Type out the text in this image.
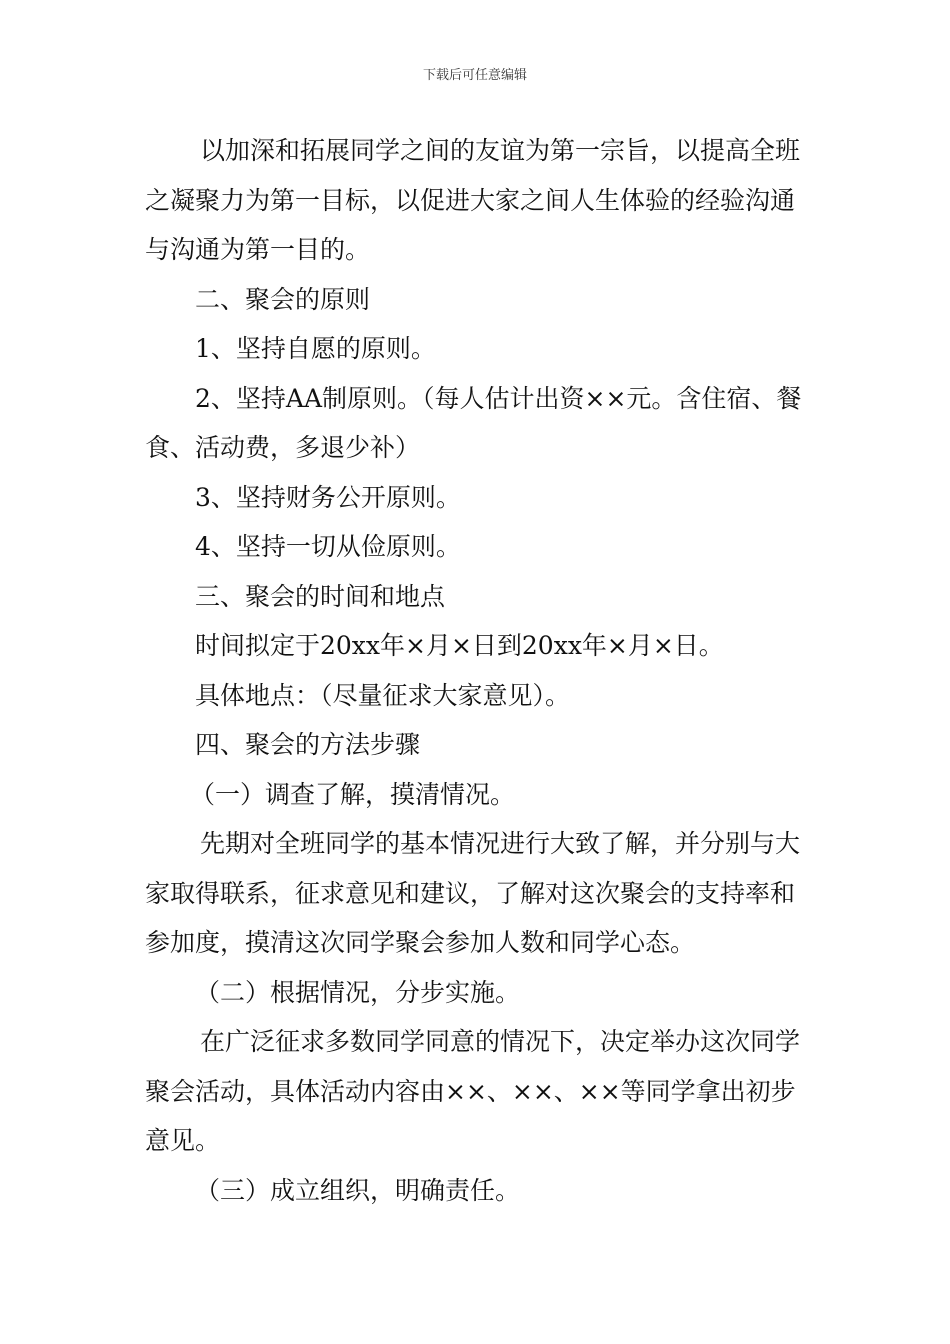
下载后可任意编辑

以加深和拓展同学之间的友谊为第一宗旨，以提高全班之凝聚力为第一目标，以促进大家之间人生体验的经验沟通与沟通为第一目的。

二、聚会的原则

1、坚持自愿的原则。

2、坚持AA制原则。（每人估计出资××元。含住宿、餐食、活动费，多退少补）

3、坚持财务公开原则。

4、坚持一切从俭原则。

三、聚会的时间和地点

时间拟定于20xx年×月×日到20xx年×月×日。

具体地点：（尽量征求大家意见）。

四、聚会的方法步骤

（一）调查了解，摸清情况。

先期对全班同学的基本情况进行大致了解，并分别与大家取得联系，征求意见和建议，了解对这次聚会的支持率和参加度，摸清这次同学聚会参加人数和同学心态。

（二）根据情况，分步实施。

在广泛征求多数同学同意的情况下，决定举办这次同学聚会活动，具体活动内容由××、××、××等同学拿出初步意见。

（三）成立组织，明确责任。
